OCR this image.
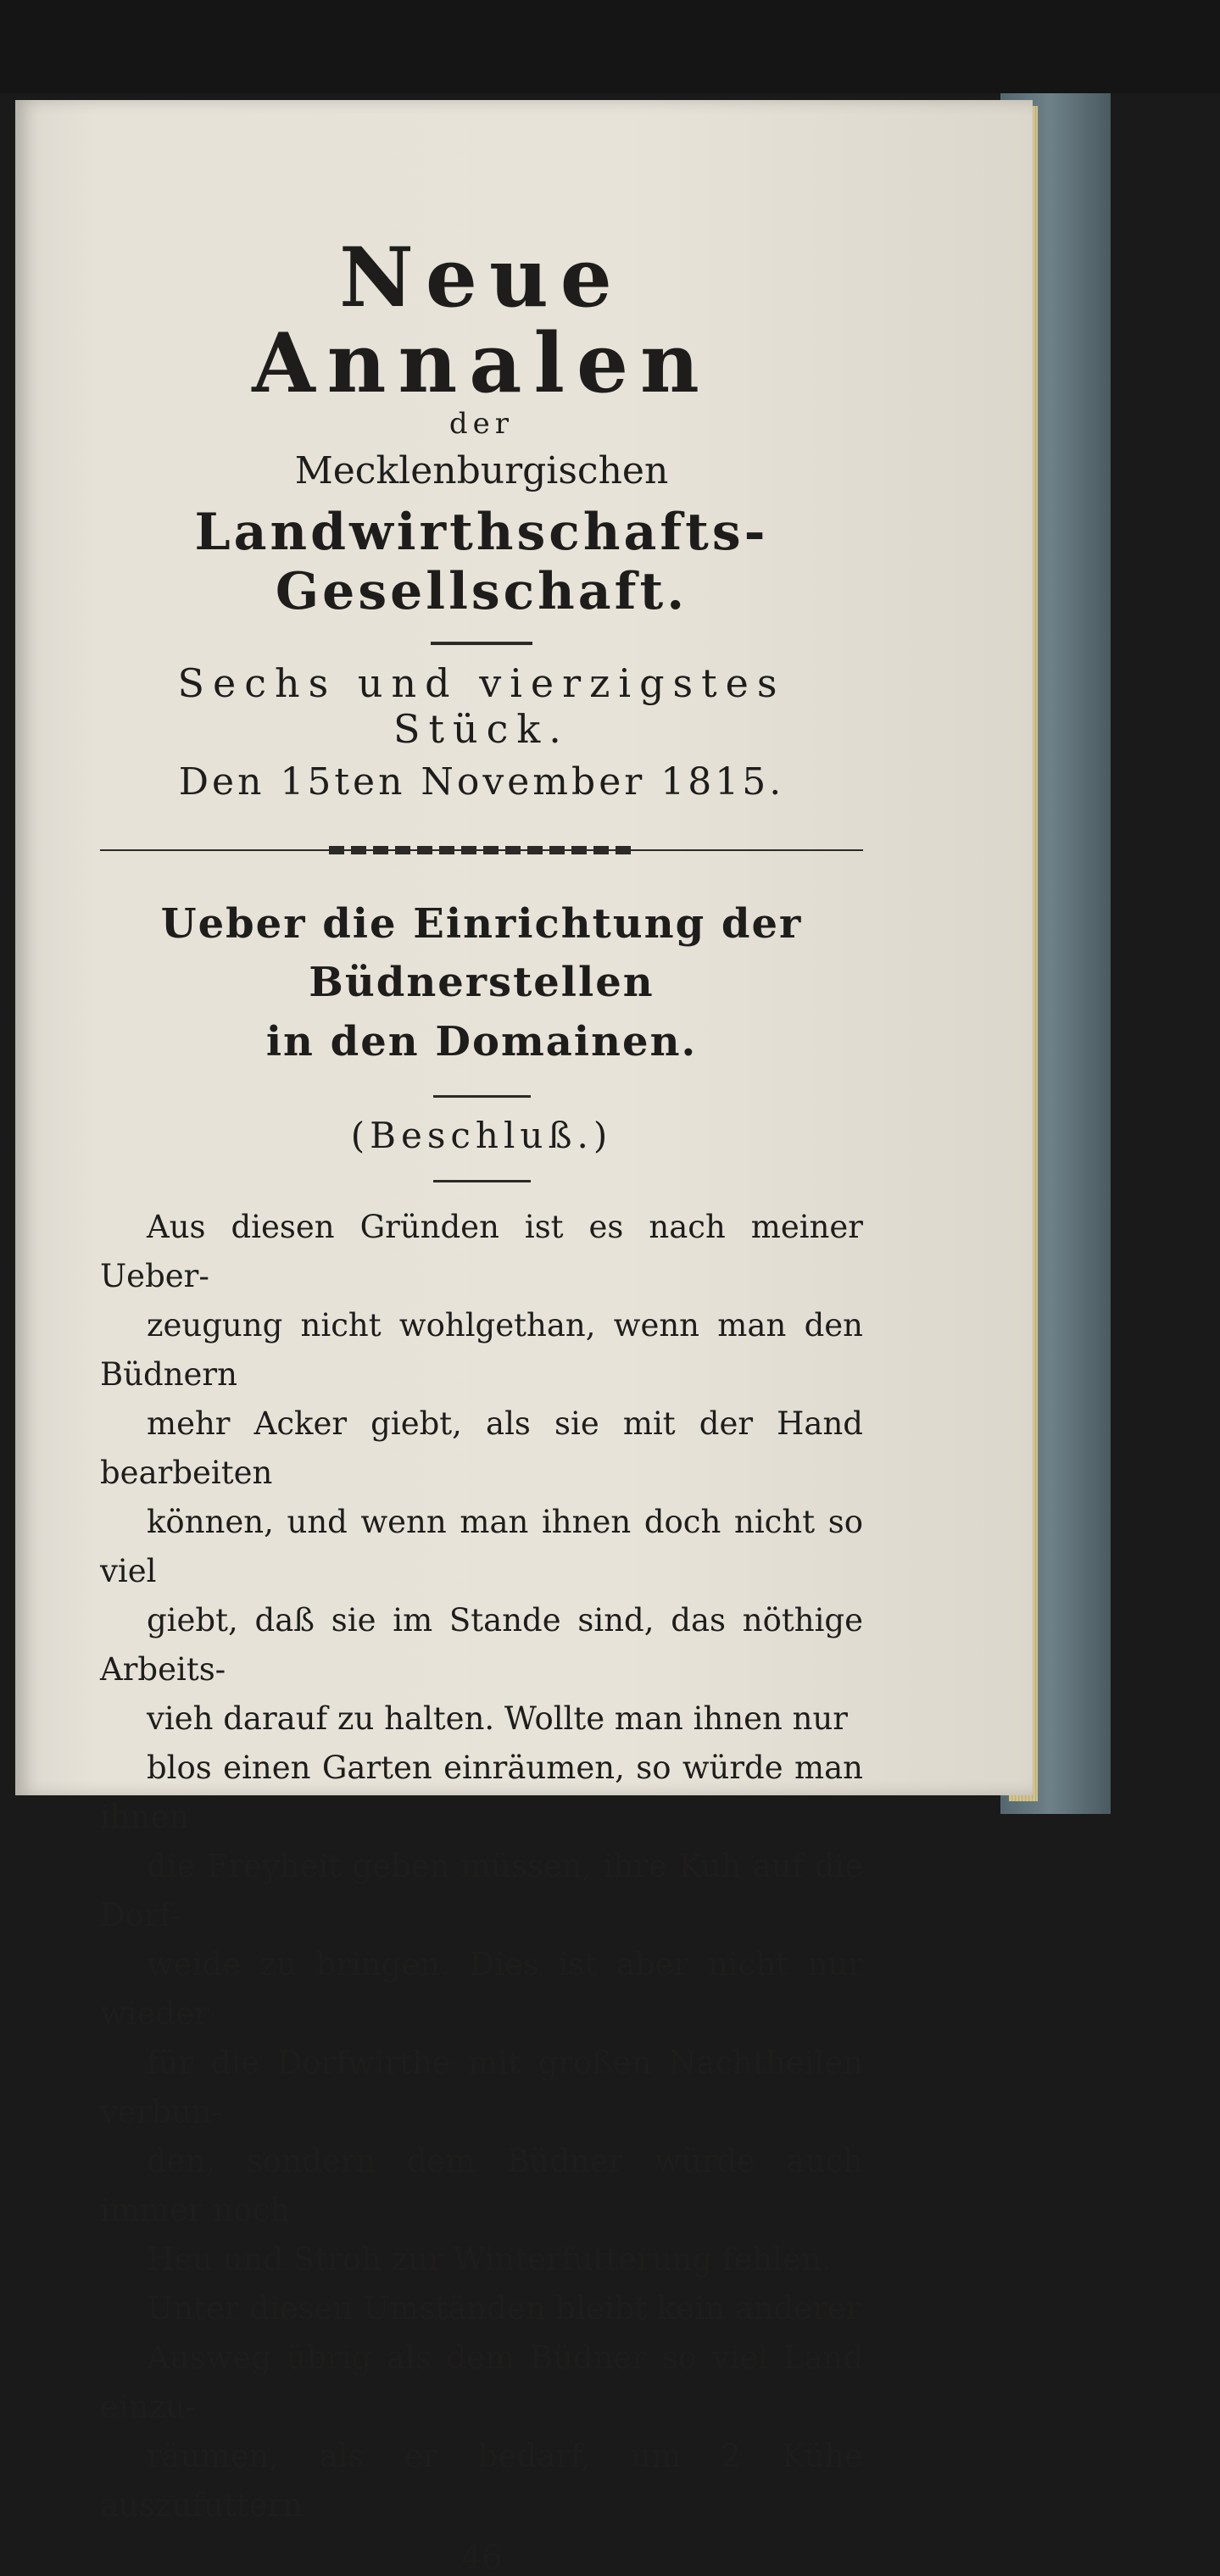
Neue Annalen

der

Mecklenburgischen

Landwirthschafts-Gesellschaft.

Sechs und vierzigstes Stück.

Den 15ten November 1815.

Ueber die Einrichtung der Büdnerstellen
in den Domainen.

(Beschluß.)

Aus diesen Gründen ist es nach meiner Ueber-
zeugung nicht wohlgethan, wenn man den Büdnern
mehr Acker giebt, als sie mit der Hand bearbeiten
können, und wenn man ihnen doch nicht so viel
giebt, daß sie im Stande sind, das nöthige Arbeits-
vieh darauf zu halten. Wollte man ihnen nur
blos einen Garten einräumen, so würde man ihnen
die Freyheit geben müssen, ihre Kuh auf die Dorf-
weide zu bringen. Dies ist aber nicht nur wieder
für die Dorfwirthe mit großen Nachtheilen verbun-
den, sondern dem Büdner würde auch immer noch
Heu und Stroh zur Winterfutterung fehlen.
Unter diesen Umständen bleibt kein anderer
Ausweg übrig als dem Büdner so viel Land einzu-
räumen, als er bedarf, um 2 Kühe auszufuttern

46
